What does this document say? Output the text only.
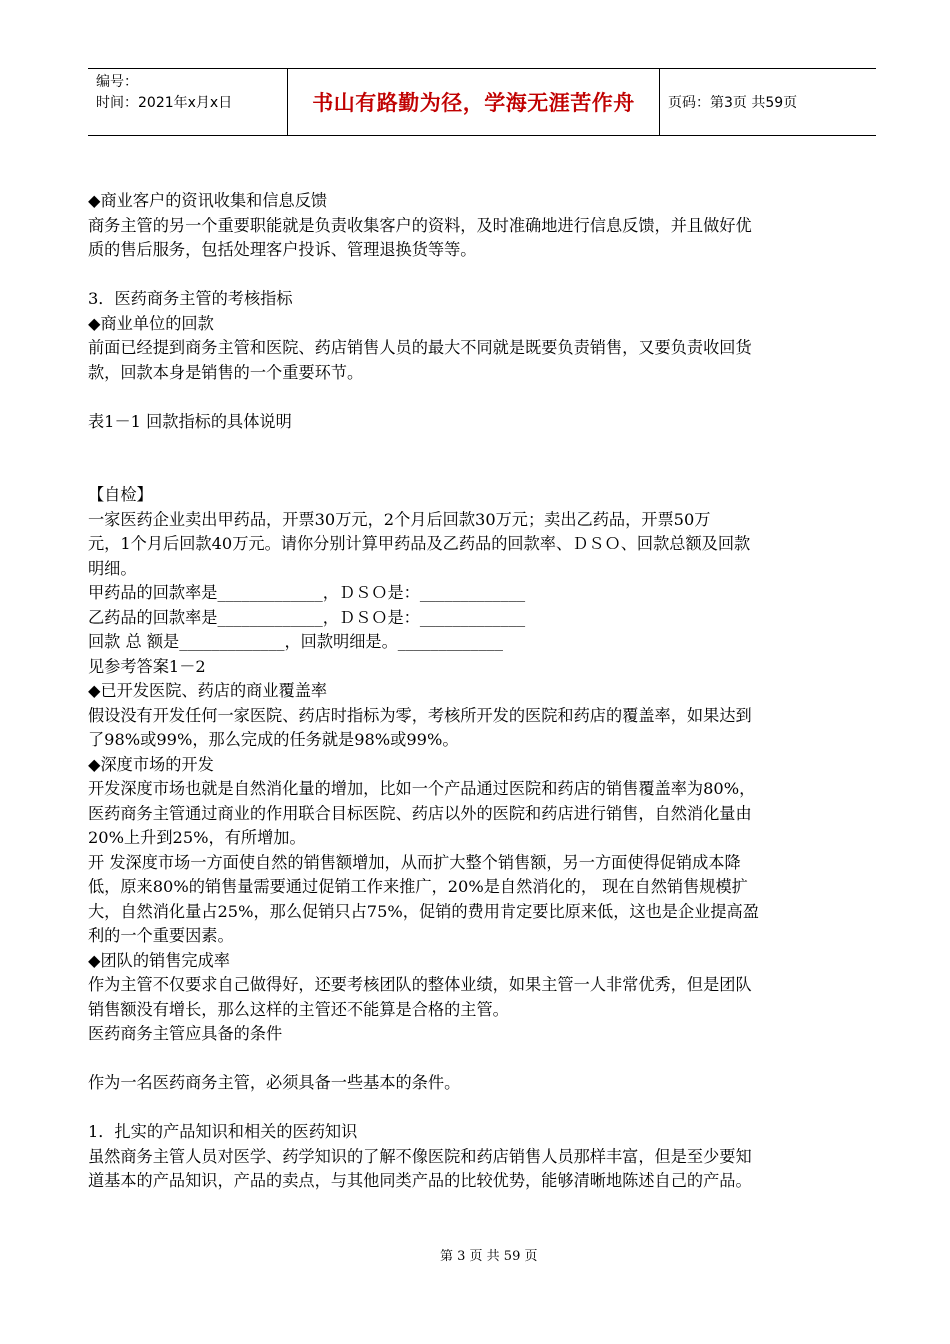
编号：
时间：2021年x月x日	书山有路勤为径，学海无涯苦作舟 页码：第3页 共59页

◆商业客户的资讯收集和信息反馈

商务主管的另一个重要职能就是负责收集客户的资料，及时准确地进行信息反馈，并且做好优

质的售后服务，包括处理客户投诉、管理退换货等等。

3．医药商务主管的考核指标

◆商业单位的回款

前面已经提到商务主管和医院、药店销售人员的最大不同就是既要负责销售，又要负责收回货

款，回款本身是销售的一个重要环节。

表1－1 回款指标的具体说明

【自检】

一家医药企业卖出甲药品，开票30万元，2个月后回款30万元；卖出乙药品，开票50万

元，1个月后回款40万元。请你分别计算甲药品及乙药品的回款率、ＤＳＯ、回款总额及回款

明细。

甲药品的回款率是_____________，ＤＳＯ是：_____________

乙药品的回款率是_____________，ＤＳＯ是：_____________

回款 总 额是_____________，回款明细是。_____________

见参考答案1－2

◆已开发医院、药店的商业覆盖率

假设没有开发任何一家医院、药店时指标为零，考核所开发的医院和药店的覆盖率，如果达到

了98%或99%，那么完成的任务就是98%或99%。

◆深度市场的开发

开发深度市场也就是自然消化量的增加，比如一个产品通过医院和药店的销售覆盖率为80%，

医药商务主管通过商业的作用联合目标医院、药店以外的医院和药店进行销售，自然消化量由

20%上升到25%，有所增加。

开 发深度市场一方面使自然的销售额增加，从而扩大整个销售额，另一方面使得促销成本降

低，原来80%的销售量需要通过促销工作来推广，20%是自然消化的， 现在自然销售规模扩

大，自然消化量占25%，那么促销只占75%，促销的费用肯定要比原来低，这也是企业提高盈

利的一个重要因素。

◆团队的销售完成率

作为主管不仅要求自己做得好，还要考核团队的整体业绩，如果主管一人非常优秀，但是团队

销售额没有增长，那么这样的主管还不能算是合格的主管。

医药商务主管应具备的条件

作为一名医药商务主管，必须具备一些基本的条件。

1．扎实的产品知识和相关的医药知识

虽然商务主管人员对医学、药学知识的了解不像医院和药店销售人员那样丰富，但是至少要知

道基本的产品知识，产品的卖点，与其他同类产品的比较优势，能够清晰地陈述自己的产品。

第 3 页 共 59 页
